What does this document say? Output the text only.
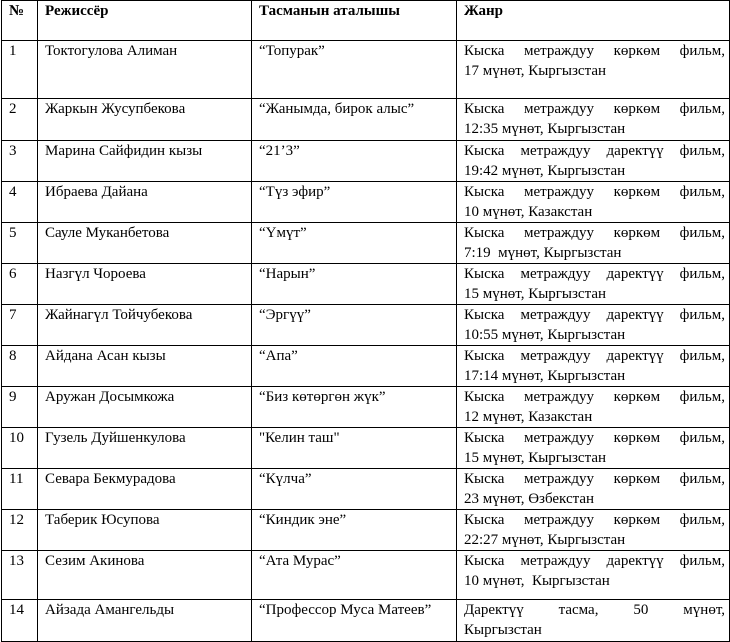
№	Режиссёр	Тасманын аталышы	Жанр
1	Токтогулова Алиман	“Топурак”	Кыска метраждуу көркөм фильм,
17 мүнөт, Кыргызстан

2	Жаркын Жусупбекова	“Жанымда, бирок алыс”	Кыска метраждуу көркөм фильм,
12:35 мүнөт, Кыргызстан

3	Марина Сайфидин кызы	“21’3”	Кыска метраждуу даректүү фильм,
19:42 мүнөт, Кыргызстан

4	Ибраева Дайана	“Түз эфир”	Кыска метраждуу көркөм фильм,
10 мүнөт, Казакстан

5	Сауле Муканбетова	“Үмүт”	Кыска метраждуу көркөм фильм,
7:19  мүнөт, Кыргызстан

6	Назгүл Чороева	“Нарын”	Кыска метраждуу даректүү фильм,
15 мүнөт, Кыргызстан

7	Жайнагүл Тойчубекова	“Эргүү”	Кыска метраждуу даректүү фильм,
10:55 мүнөт, Кыргызстан

8	Айдана Асан кызы	“Апа”	Кыска метраждуу даректүү фильм,
17:14 мүнөт, Кыргызстан

9	Аружан Досымкожа	“Биз көтөргөн жүк”	Кыска метраждуу көркөм фильм,
12 мүнөт, Казакстан

10	Гузель Дуйшенкулова	"Келин таш"	Кыска метраждуу көркөм фильм,
15 мүнөт, Кыргызстан

11	Севара Бекмурадова	“Күлча”	Кыска метраждуу көркөм фильм,
23 мүнөт, Өзбекстан

12	Таберик Юсупова	“Киндик эне”	Кыска метраждуу көркөм фильм,
22:27 мүнөт, Кыргызстан

13	Сезим Акинова	“Ата Мурас”	Кыска метраждуу даректүү фильм,
10 мүнөт,  Кыргызстан

14	Айзада Амангельды	“Профессор Муса Матеев”	Даректүү тасма, 50 мүнөт,
Кыргызстан
